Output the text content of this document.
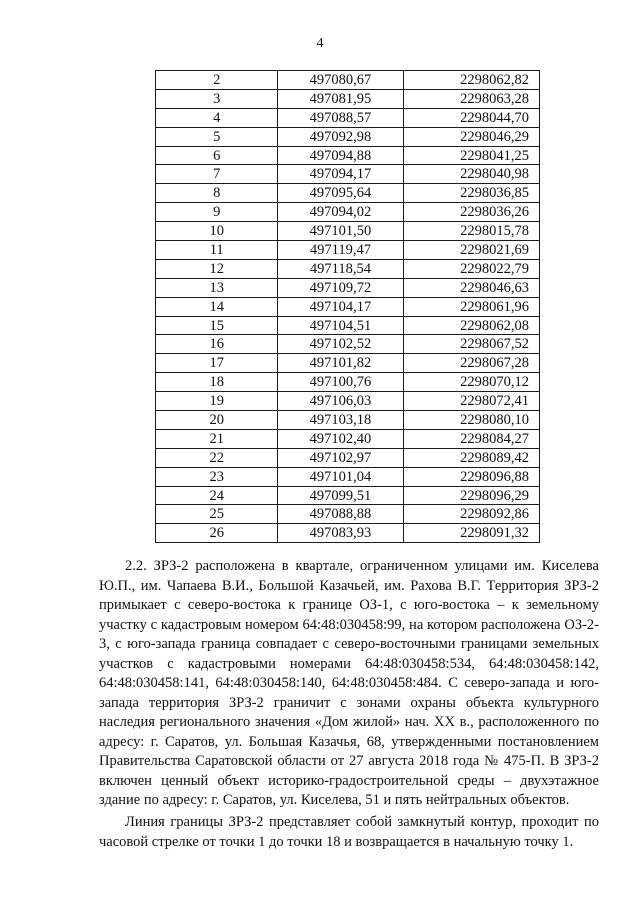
4
2	497080,67	2298062,82
3	497081,95	2298063,28
4	497088,57	2298044,70
5	497092,98	2298046,29
6	497094,88	2298041,25
7	497094,17	2298040,98
8	497095,64	2298036,85
9	497094,02	2298036,26
10	497101,50	2298015,78
11	497119,47	2298021,69
12	497118,54	2298022,79
13	497109,72	2298046,63
14	497104,17	2298061,96
15	497104,51	2298062,08
16	497102,52	2298067,52
17	497101,82	2298067,28
18	497100,76	2298070,12
19	497106,03	2298072,41
20	497103,18	2298080,10
21	497102,40	2298084,27
22	497102,97	2298089,42
23	497101,04	2298096,88
24	497099,51	2298096,29
25	497088,88	2298092,86
26	497083,93	2298091,32

2.2. ЗРЗ-2 расположена в квартале, ограниченном улицами им. Киселева Ю.П., им. Чапаева В.И., Большой Казачьей, им. Рахова В.Г. Территория ЗРЗ-2 примыкает с северо-востока к границе ОЗ-1, с юго-востока – к земельному участку с кадастровым номером 64:48:030458:99, на котором расположена ОЗ-2-3, с юго-запада граница совпадает с северо-восточными границами земельных участков с кадастровыми номерами 64:48:030458:534, 64:48:030458:142, 64:48:030458:141, 64:48:030458:140, 64:48:030458:484. С северо-запада и юго-запада территория ЗРЗ-2 граничит с зонами охраны объекта культурного наследия регионального значения «Дом жилой» нач. XX в., расположенного по адресу: г. Саратов, ул. Большая Казачья, 68, утвержденными постановлением Правительства Саратовской области от 27 августа 2018 года № 475-П. В ЗРЗ-2 включен ценный объект историко-градостроительной среды – двухэтажное здание по адресу: г. Саратов, ул. Киселева, 51 и пять нейтральных объектов.

Линия границы ЗРЗ-2 представляет собой замкнутый контур, проходит по часовой стрелке от точки 1 до точки 18 и возвращается в начальную точку 1.
